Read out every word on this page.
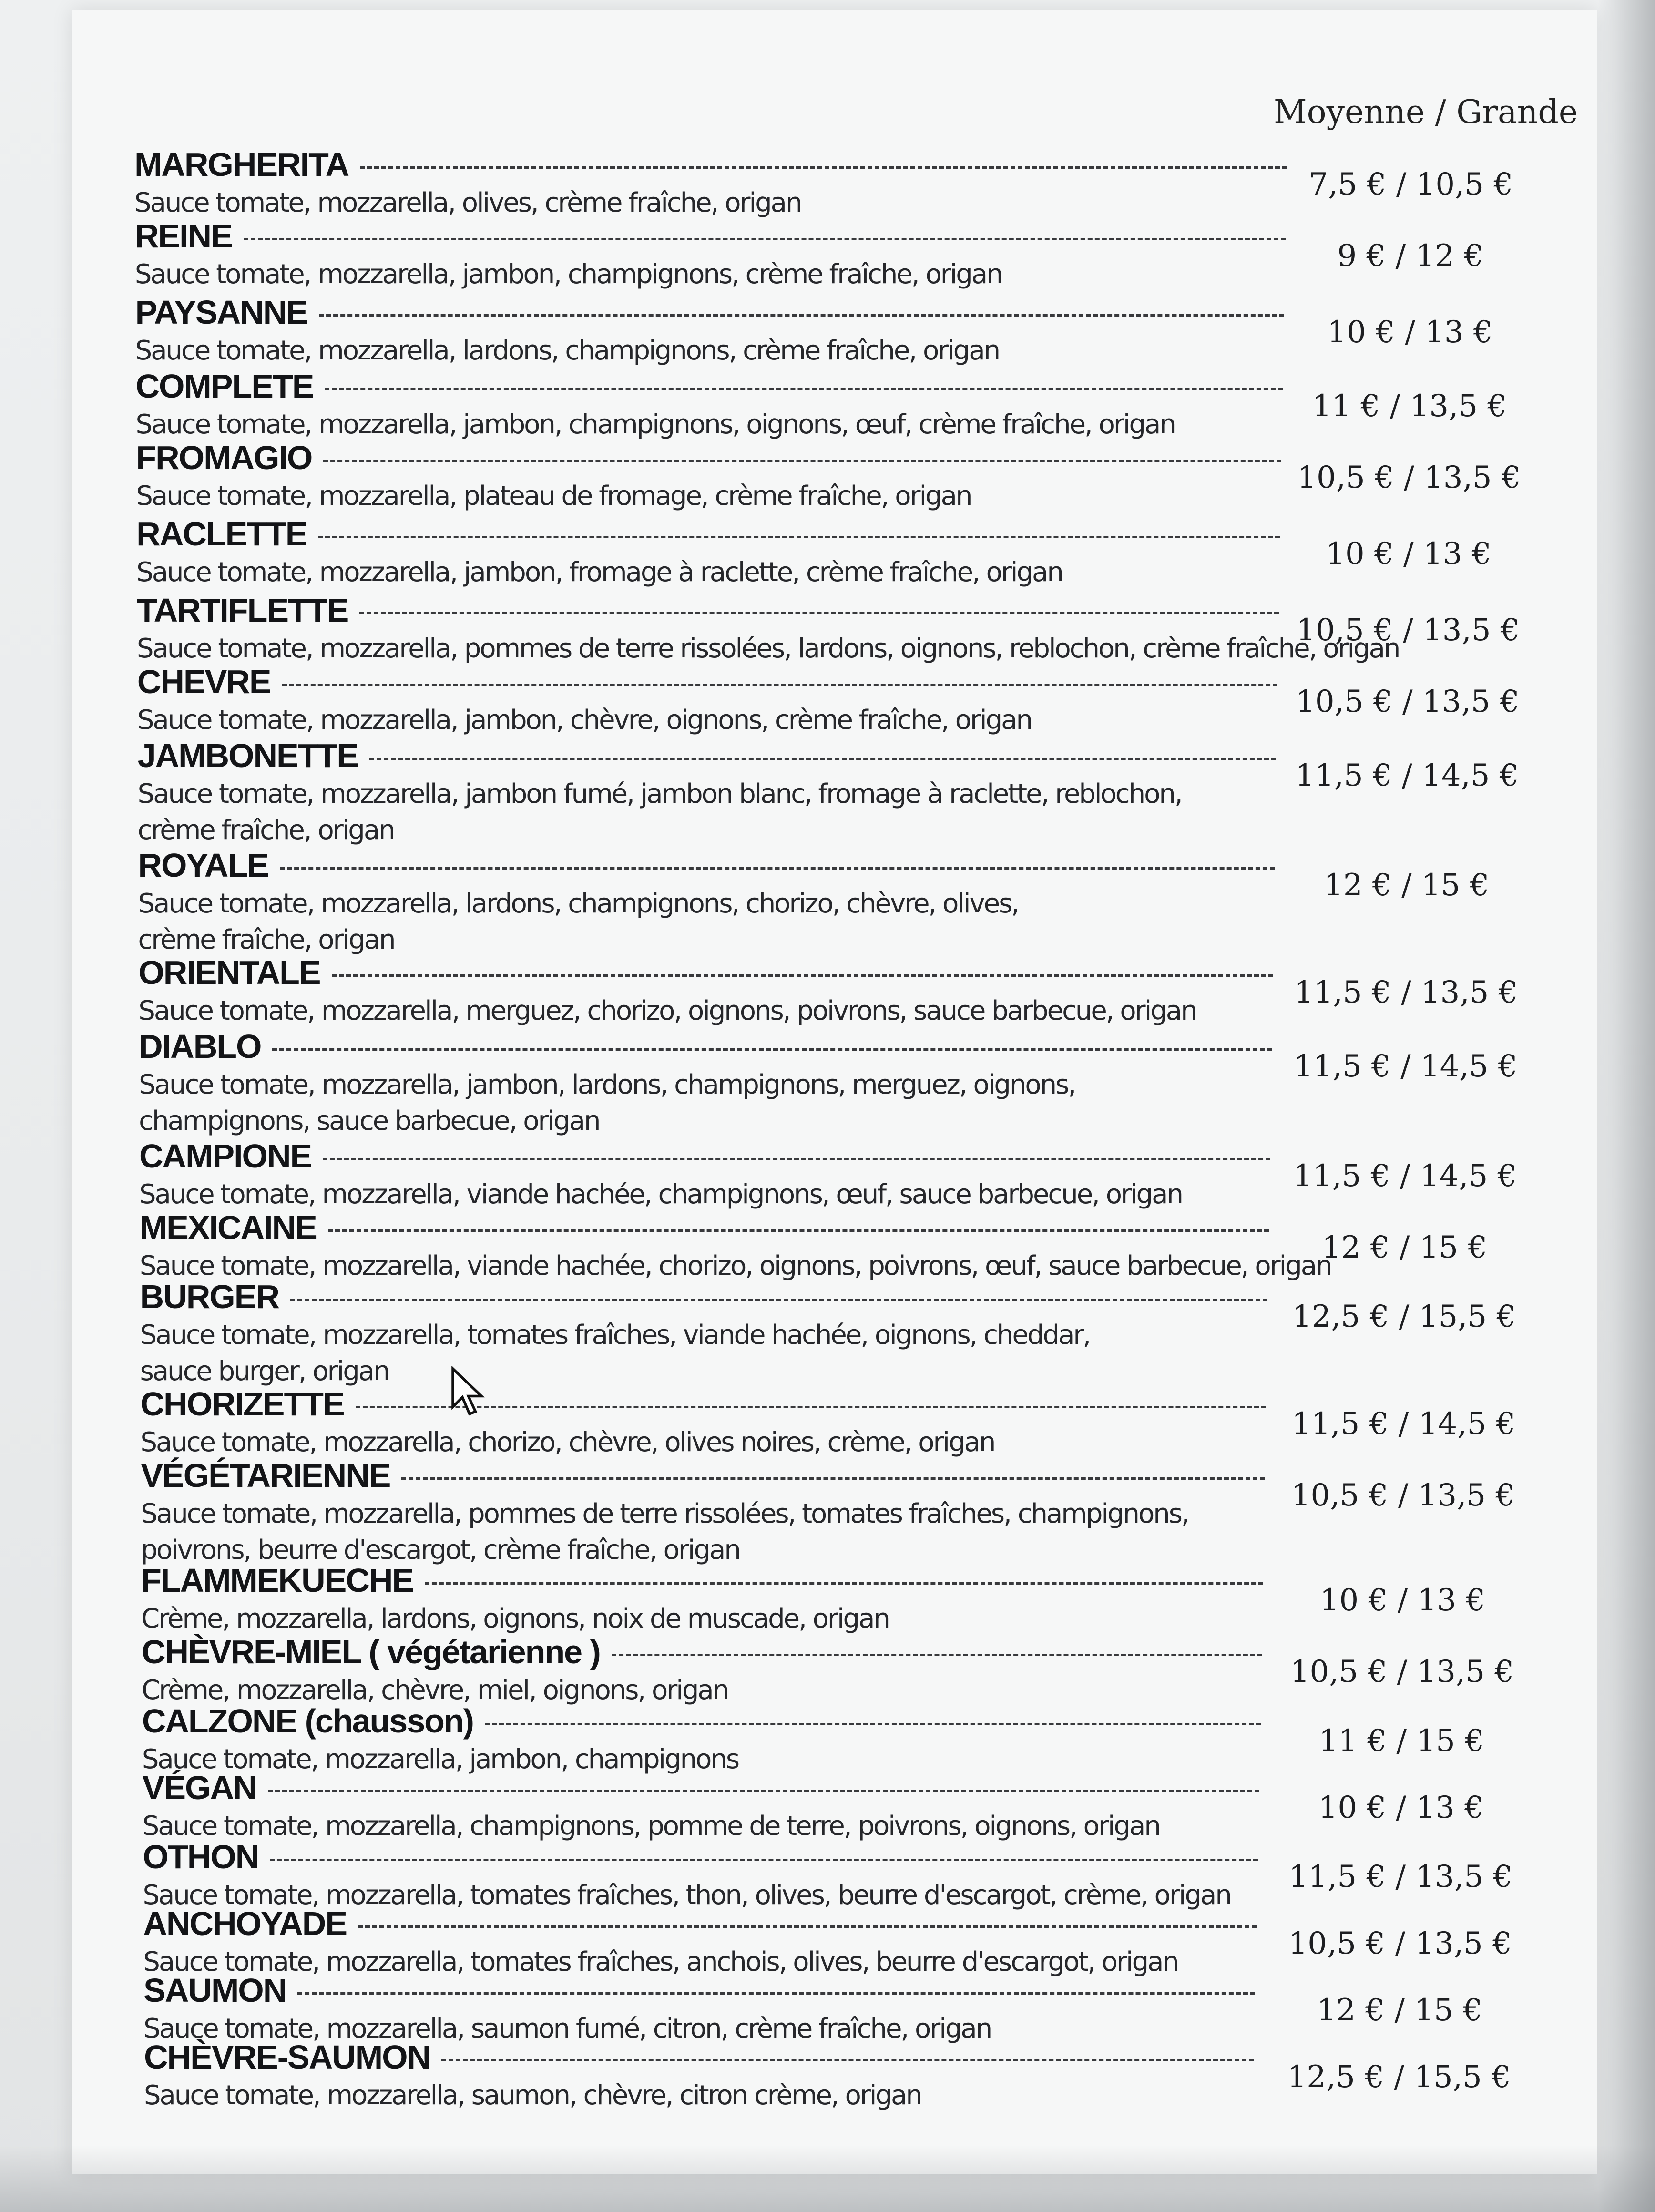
Moyenne / Grande
MARGHERITA
Sauce tomate, mozzarella, olives, crème fraîche, origan
7,5 € / 10,5 €
REINE
Sauce tomate, mozzarella, jambon, champignons, crème fraîche, origan
9 € / 12 €
PAYSANNE
Sauce tomate, mozzarella, lardons, champignons, crème fraîche, origan
10 € / 13 €
COMPLETE
Sauce tomate, mozzarella, jambon, champignons, oignons, œuf, crème fraîche, origan
11 € / 13,5 €
FROMAGIO
Sauce tomate, mozzarella, plateau de fromage, crème fraîche, origan
10,5 € / 13,5 €
RACLETTE
Sauce tomate, mozzarella, jambon, fromage à raclette, crème fraîche, origan
10 € / 13 €
TARTIFLETTE
Sauce tomate, mozzarella, pommes de terre rissolées, lardons, oignons, reblochon, crème fraîche, origan
10,5 € / 13,5 €
CHEVRE
Sauce tomate, mozzarella, jambon, chèvre, oignons, crème fraîche, origan
10,5 € / 13,5 €
JAMBONETTE
Sauce tomate, mozzarella, jambon fumé, jambon blanc, fromage à raclette, reblochon,
crème fraîche, origan
11,5 € / 14,5 €
ROYALE
Sauce tomate, mozzarella, lardons, champignons, chorizo, chèvre, olives,
crème fraîche, origan
12 € / 15 €
ORIENTALE
Sauce tomate, mozzarella, merguez, chorizo, oignons, poivrons, sauce barbecue, origan
11,5 € / 13,5 €
DIABLO
Sauce tomate, mozzarella, jambon, lardons, champignons, merguez, oignons,
champignons, sauce barbecue, origan
11,5 € / 14,5 €
CAMPIONE
Sauce tomate, mozzarella, viande hachée, champignons, œuf, sauce barbecue, origan
11,5 € / 14,5 €
MEXICAINE
Sauce tomate, mozzarella, viande hachée, chorizo, oignons, poivrons, œuf, sauce barbecue, origan
12 € / 15 €
BURGER
Sauce tomate, mozzarella, tomates fraîches, viande hachée, oignons, cheddar,
sauce burger, origan
12,5 € / 15,5 €
CHORIZETTE
Sauce tomate, mozzarella, chorizo, chèvre, olives noires, crème, origan
11,5 € / 14,5 €
VÉGÉTARIENNE
Sauce tomate, mozzarella, pommes de terre rissolées, tomates fraîches, champignons,
poivrons, beurre d'escargot, crème fraîche, origan
10,5 € / 13,5 €
FLAMMEKUECHE
Crème, mozzarella, lardons, oignons, noix de muscade, origan
10 € / 13 €
CHÈVRE-MIEL ( végétarienne )
Crème, mozzarella, chèvre, miel, oignons, origan
10,5 € / 13,5 €
CALZONE (chausson)
Sauce tomate, mozzarella, jambon, champignons
11 € / 15 €
VÉGAN
Sauce tomate, mozzarella, champignons, pomme de terre, poivrons, oignons, origan
10 € / 13 €
OTHON
Sauce tomate, mozzarella, tomates fraîches, thon, olives, beurre d'escargot, crème, origan
11,5 € / 13,5 €
ANCHOYADE
Sauce tomate, mozzarella, tomates fraîches, anchois, olives, beurre d'escargot, origan
10,5 € / 13,5 €
SAUMON
Sauce tomate, mozzarella, saumon fumé, citron, crème fraîche, origan
12 € / 15 €
CHÈVRE-SAUMON
Sauce tomate, mozzarella, saumon, chèvre, citron crème, origan
12,5 € / 15,5 €
